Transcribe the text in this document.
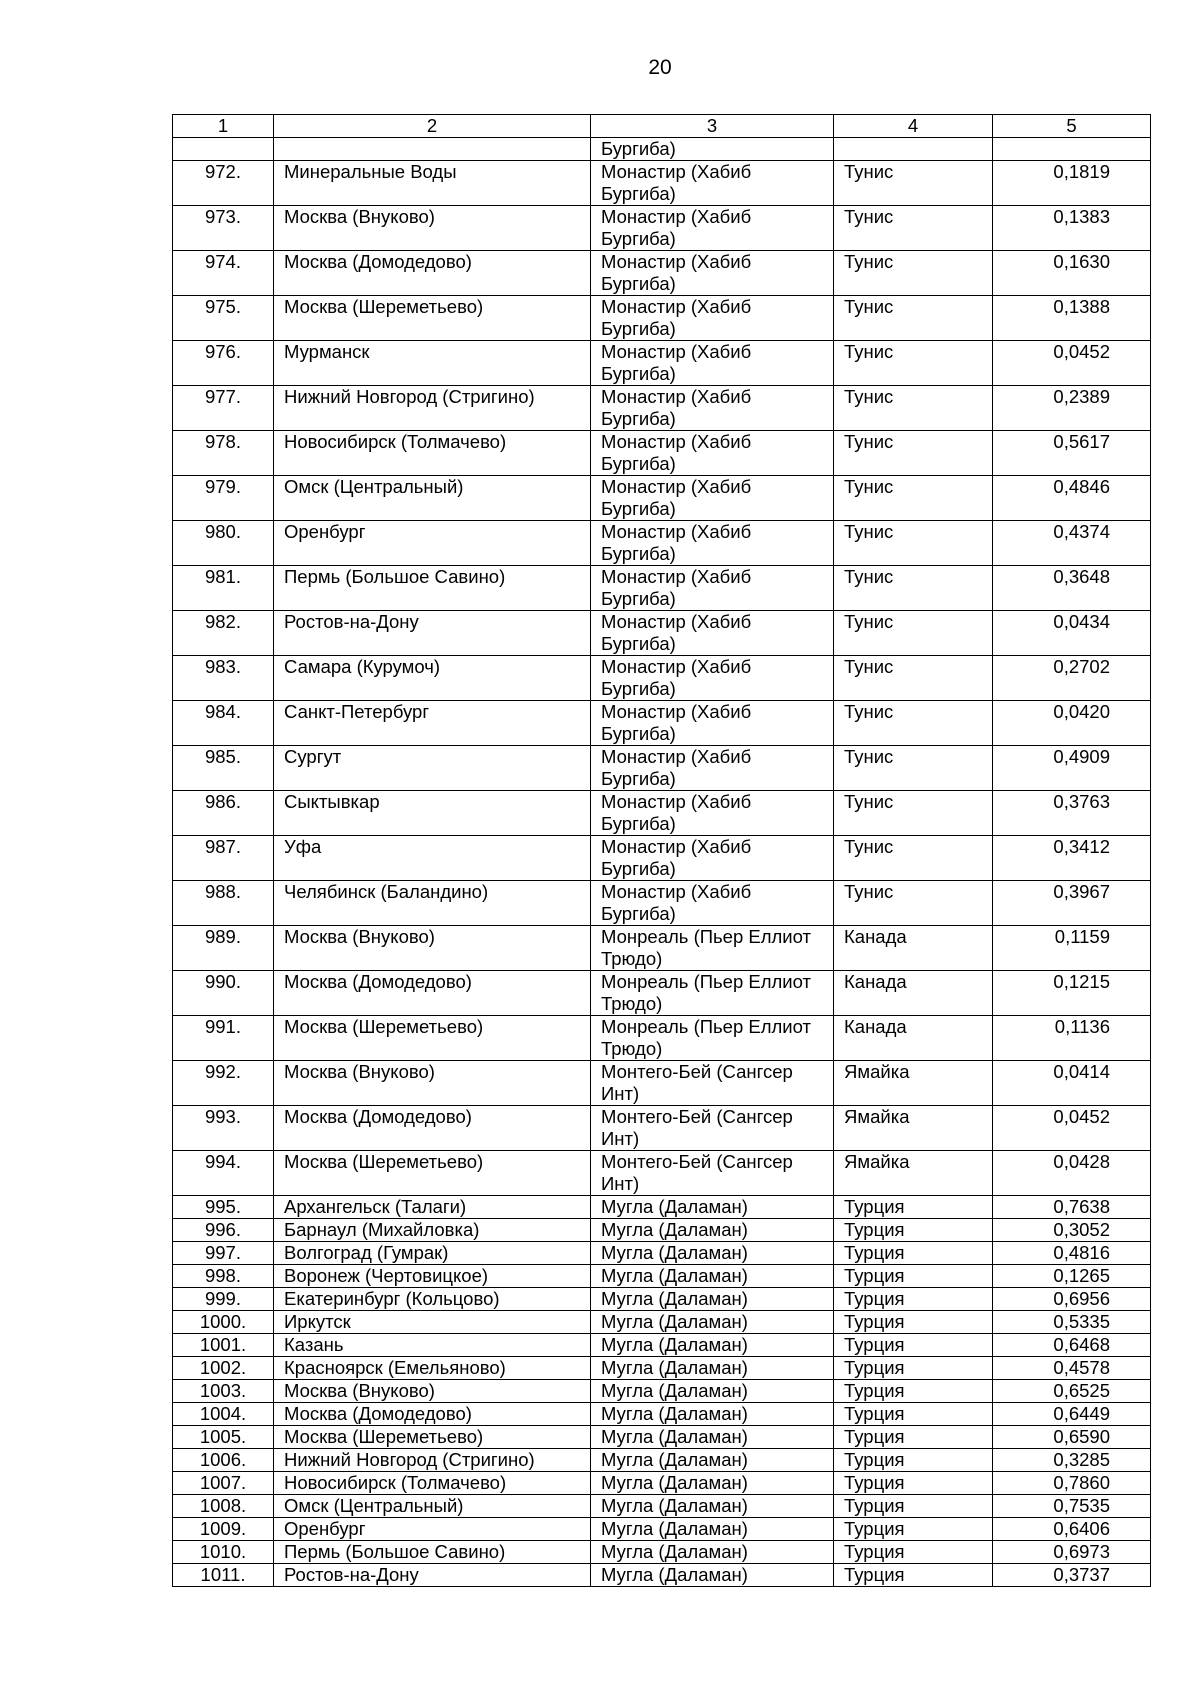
20
1	2	3	4	5
		Бургиба)		
972.	Минеральные Воды	Монастир (Хабиб Бургиба)	Тунис	0,1819
973.	Москва (Внуково)	Монастир (Хабиб Бургиба)	Тунис	0,1383
974.	Москва (Домодедово)	Монастир (Хабиб Бургиба)	Тунис	0,1630
975.	Москва (Шереметьево)	Монастир (Хабиб Бургиба)	Тунис	0,1388
976.	Мурманск	Монастир (Хабиб Бургиба)	Тунис	0,0452
977.	Нижний Новгород (Стригино)	Монастир (Хабиб Бургиба)	Тунис	0,2389
978.	Новосибирск (Толмачево)	Монастир (Хабиб Бургиба)	Тунис	0,5617
979.	Омск (Центральный)	Монастир (Хабиб Бургиба)	Тунис	0,4846
980.	Оренбург	Монастир (Хабиб Бургиба)	Тунис	0,4374
981.	Пермь (Большое Савино)	Монастир (Хабиб Бургиба)	Тунис	0,3648
982.	Ростов-на-Дону	Монастир (Хабиб Бургиба)	Тунис	0,0434
983.	Самара (Курумоч)	Монастир (Хабиб Бургиба)	Тунис	0,2702
984.	Санкт-Петербург	Монастир (Хабиб Бургиба)	Тунис	0,0420
985.	Сургут	Монастир (Хабиб Бургиба)	Тунис	0,4909
986.	Сыктывкар	Монастир (Хабиб Бургиба)	Тунис	0,3763
987.	Уфа	Монастир (Хабиб Бургиба)	Тунис	0,3412
988.	Челябинск (Баландино)	Монастир (Хабиб Бургиба)	Тунис	0,3967
989.	Москва (Внуково)	Монреаль (Пьер Еллиот Трюдо)	Канада	0,1159
990.	Москва (Домодедово)	Монреаль (Пьер Еллиот Трюдо)	Канада	0,1215
991.	Москва (Шереметьево)	Монреаль (Пьер Еллиот Трюдо)	Канада	0,1136
992.	Москва (Внуково)	Монтего-Бей (Сангсер Инт)	Ямайка	0,0414
993.	Москва (Домодедово)	Монтего-Бей (Сангсер Инт)	Ямайка	0,0452
994.	Москва (Шереметьево)	Монтего-Бей (Сангсер Инт)	Ямайка	0,0428
995.	Архангельск (Талаги)	Мугла (Даламан)	Турция	0,7638
996.	Барнаул (Михайловка)	Мугла (Даламан)	Турция	0,3052
997.	Волгоград (Гумрак)	Мугла (Даламан)	Турция	0,4816
998.	Воронеж (Чертовицкое)	Мугла (Даламан)	Турция	0,1265
999.	Екатеринбург (Кольцово)	Мугла (Даламан)	Турция	0,6956
1000.	Иркутск	Мугла (Даламан)	Турция	0,5335
1001.	Казань	Мугла (Даламан)	Турция	0,6468
1002.	Красноярск (Емельяново)	Мугла (Даламан)	Турция	0,4578
1003.	Москва (Внуково)	Мугла (Даламан)	Турция	0,6525
1004.	Москва (Домодедово)	Мугла (Даламан)	Турция	0,6449
1005.	Москва (Шереметьево)	Мугла (Даламан)	Турция	0,6590
1006.	Нижний Новгород (Стригино)	Мугла (Даламан)	Турция	0,3285
1007.	Новосибирск (Толмачево)	Мугла (Даламан)	Турция	0,7860
1008.	Омск (Центральный)	Мугла (Даламан)	Турция	0,7535
1009.	Оренбург	Мугла (Даламан)	Турция	0,6406
1010.	Пермь (Большое Савино)	Мугла (Даламан)	Турция	0,6973
1011.	Ростов-на-Дону	Мугла (Даламан)	Турция	0,3737
